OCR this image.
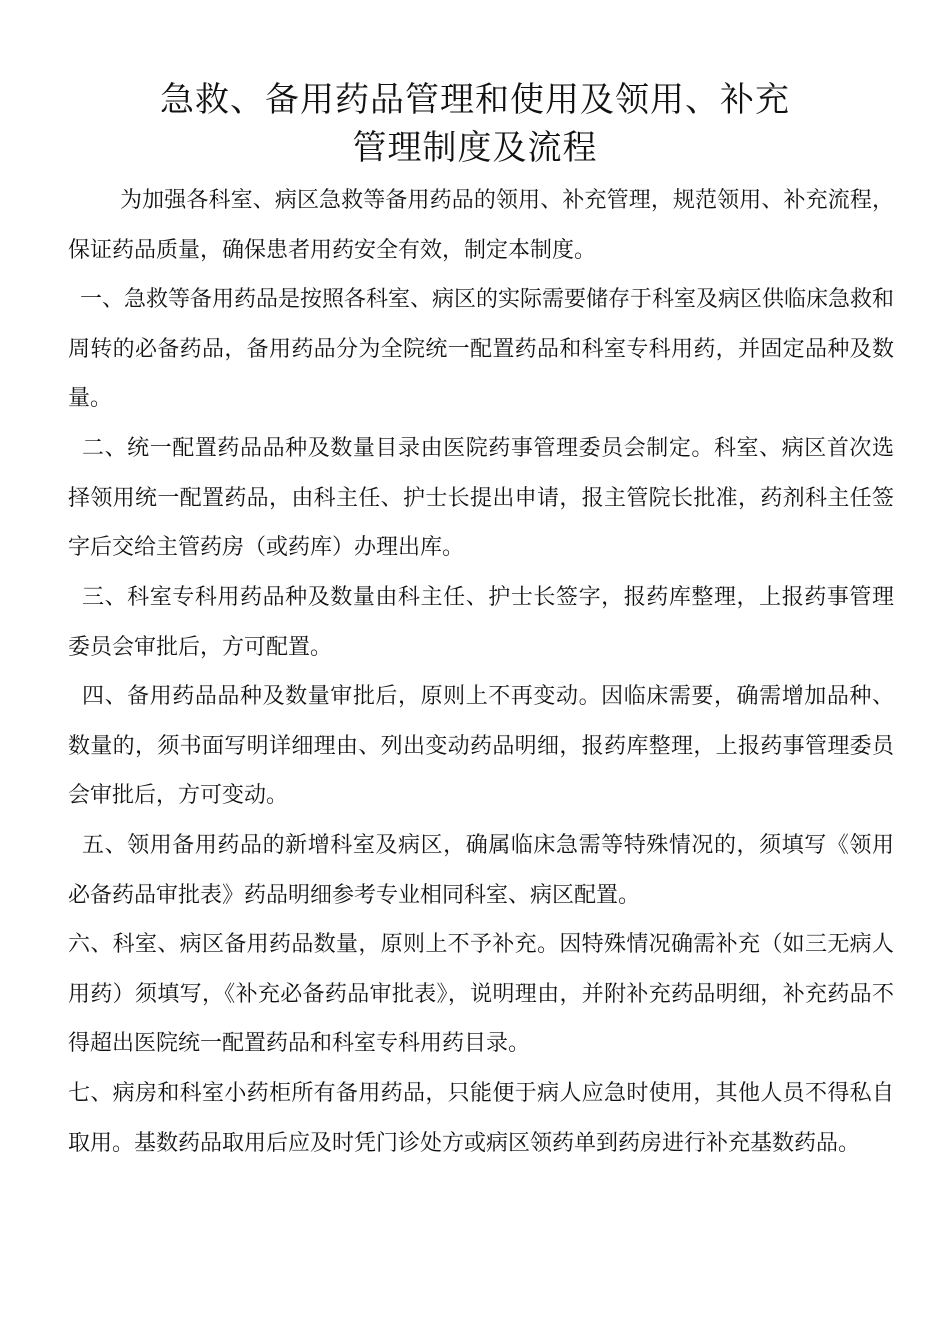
急救、备用药品管理和使用及领用、补充
管理制度及流程

为加强各科室、病区急救等备用药品的领用、补充管理，规范领用、补充流程，保证药品质量，确保患者用药安全有效，制定本制度。

一、急救等备用药品是按照各科室、病区的实际需要储存于科室及病区供临床急救和周转的必备药品，备用药品分为全院统一配置药品和科室专科用药，并固定品种及数量。

二、统一配置药品品种及数量目录由医院药事管理委员会制定。科室、病区首次选择领用统一配置药品，由科主任、护士长提出申请，报主管院长批准，药剂科主任签字后交给主管药房（或药库）办理出库。

三、科室专科用药品种及数量由科主任、护士长签字，报药库整理，上报药事管理委员会审批后，方可配置。

四、备用药品品种及数量审批后，原则上不再变动。因临床需要，确需增加品种、数量的，须书面写明详细理由、列出变动药品明细，报药库整理，上报药事管理委员会审批后，方可变动。

五、领用备用药品的新增科室及病区，确属临床急需等特殊情况的，须填写《领用必备药品审批表》药品明细参考专业相同科室、病区配置。

六、科室、病区备用药品数量，原则上不予补充。因特殊情况确需补充（如三无病人用药）须填写，《补充必备药品审批表》，说明理由，并附补充药品明细，补充药品不得超出医院统一配置药品和科室专科用药目录。

七、病房和科室小药柜所有备用药品，只能便于病人应急时使用，其他人员不得私自取用。基数药品取用后应及时凭门诊处方或病区领药单到药房进行补充基数药品。
